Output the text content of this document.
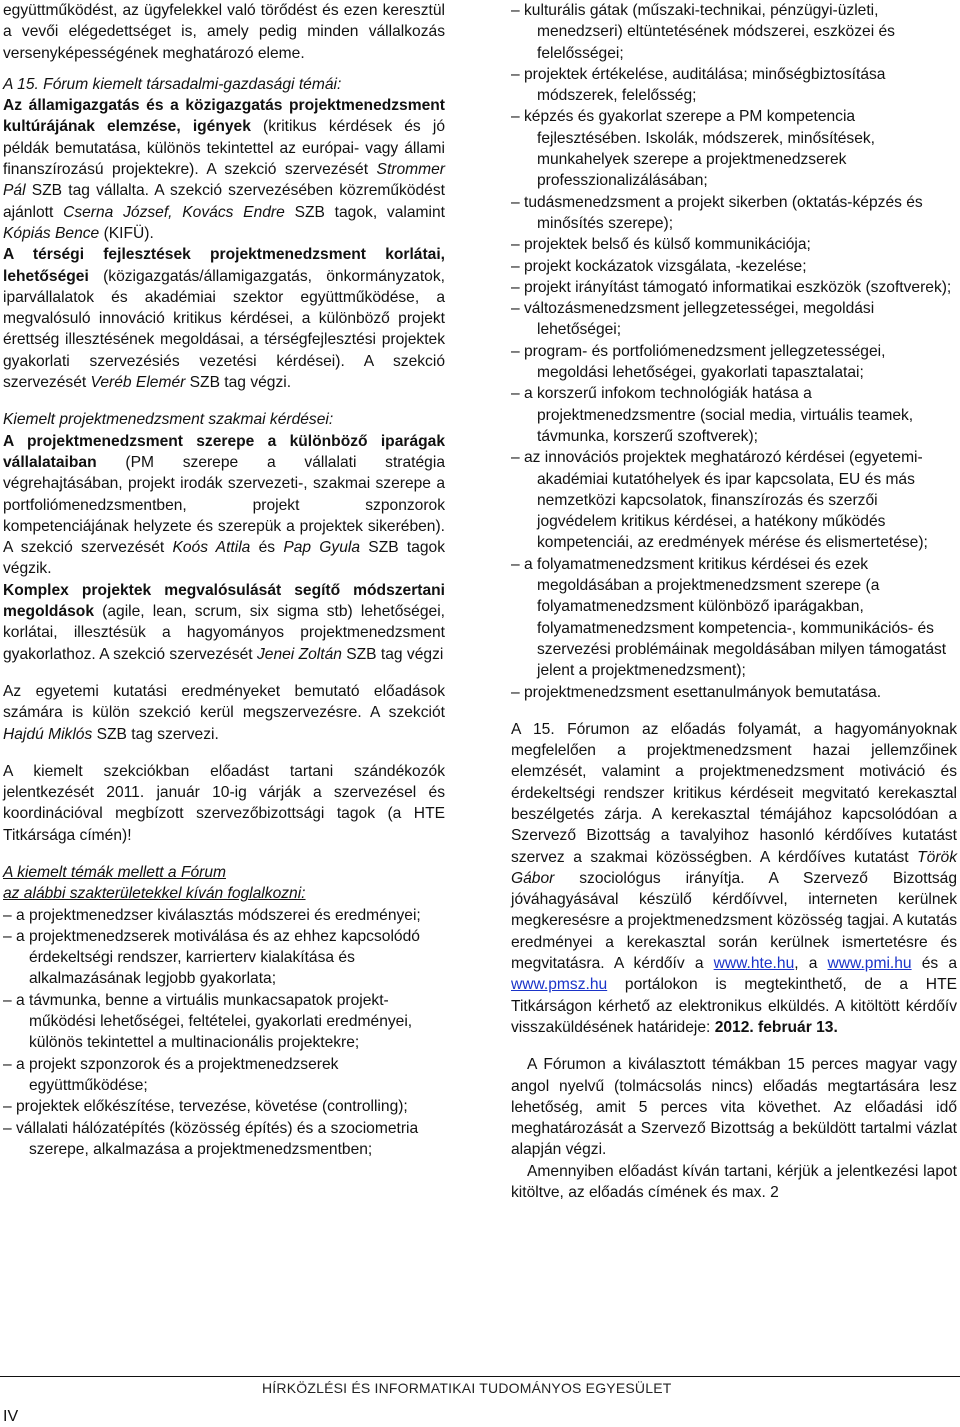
együttműködést, az ügyfelekkel való törődést és ezen keresztül a vevői elégedettséget is, amely pedig minden vállalkozás versenyképességének meghatározó eleme.

A 15. Fórum kiemelt társadalmi-gazdasági témái:
Az államigazgatás és a közigazgatás projektmenedzsment kultúrájának elemzése, igények (kritikus kérdések és jó példák bemutatása, különös tekintettel az európai- vagy állami finanszírozású projektekre). A szekció szervezését Strommer Pál SZB tag vállalta. A szekció szervezésében közreműködést ajánlott Cserna József, Kovács Endre SZB tagok, valamint Kópiás Bence (KIFÜ).

A térségi fejlesztések projektmenedzsment korlátai, lehetőségei (közigazgatás/államigazgatás, önkormányzatok, iparvállalatok és akadémiai szektor együttműködése, a megvalósuló innováció kritikus kérdései, a különböző projekt érettség illesztésének megoldásai, a térségfejlesztési projektek gyakorlati szervezésiés vezetési kérdései). A szekció szervezését Veréb Elemér SZB tag végzi.

Kiemelt projektmenedzsment szakmai kérdései:
A projektmenedzsment szerepe a különböző iparágak vállalataiban (PM szerepe a vállalati stratégia végrehajtásában, projekt irodák szervezeti-, szakmai szerepe a portfoliómenedzsmentben, projekt szponzorok kompetenciájának helyzete és szerepük a projektek sikerében). A szekció szervezését Koós Attila és Pap Gyula SZB tagok végzik.

Komplex projektek megvalósulását segítő módszertani megoldások (agile, lean, scrum, six sigma stb) lehetőségei, korlátai, illesztésük a hagyományos projektmenedzsment gyakorlathoz. A szekció szervezését Jenei Zoltán SZB tag végzi

Az egyetemi kutatási eredményeket bemutató előadások számára is külön szekció kerül megszervezésre. A szekciót Hajdú Miklós SZB tag szervezi.

A kiemelt szekciókban előadást tartani szándékozók jelentkezését 2011. január 10-ig várják a szervezésel és koordinációval megbízott szervezőbizottsági tagok (a HTE Titkársága címén)!

A kiemelt témák mellett a Fórum
az alábbi szakterületekkel kíván foglalkozni:

– a projektmenedzser kiválasztás módszerei és eredményei;

– a projektmenedzserek motiválása és az ehhez kapcsolódó érdekeltségi rendszer, karrierterv kialakítása és alkalmazásának legjobb gyakorlata;

– a távmunka, benne a virtuális munkacsapatok projekt-működési lehetőségei, feltételei, gyakorlati eredményei, különös tekintettel a multinacionális projektekre;

– a projekt szponzorok és a projektmenedzserek együttműködése;

– projektek előkészítése, tervezése, követése (controlling);

– vállalati hálózatépítés (közösség építés) és a szociometria szerepe, alkalmazása a projektmenedzsmentben;

– kulturális gátak (műszaki-technikai, pénzügyi-üzleti, menedzseri) eltüntetésének módszerei, eszközei és felelősségei;

– projektek értékelése, auditálása; minőségbiztosítása módszerek, felelősség;

– képzés és gyakorlat szerepe a PM kompetencia fejlesztésében. Iskolák, módszerek, minősítések, munkahelyek szerepe a projektmenedzserek professzionalizálásában;

– tudásmenedzsment a projekt sikerben (oktatás-képzés és minősítés szerepe);

– projektek belső és külső kommunikációja;

– projekt kockázatok vizsgálata, -kezelése;

– projekt irányítást támogató informatikai eszközök (szoftverek);

– változásmenedzsment jellegzetességei, megoldási lehetőségei;

– program- és portfoliómenedzsment jellegzetességei, megoldási lehetőségei, gyakorlati tapasztalatai;

– a korszerű infokom technológiák hatása a projektmenedzsmentre (social media, virtuális teamek, távmunka, korszerű szoftverek);

– az innovációs projektek meghatározó kérdései (egyetemi-akadémiai kutatóhelyek és ipar kapcsolata, EU és más nemzetközi kapcsolatok, finanszírozás és szerzői jogvédelem kritikus kérdései, a hatékony működés kompetenciái, az eredmények mérése és elismertetése);

– a folyamatmenedzsment kritikus kérdései és ezek megoldásában a projektmenedzsment szerepe (a folyamatmenedzsment különböző iparágakban, folyamatmenedzsment kompetencia-, kommunikációs- és szervezési problémáinak megoldásában milyen támogatást jelent a projektmenedzsment);

– projektmenedzsment esettanulmányok bemutatása.

A 15. Fórumon az előadás folyamát, a hagyományoknak megfelelően a projektmenedzsment hazai jellemzőinek elemzését, valamint a projektmenedzsment motiváció és érdekeltségi rendszer kritikus kérdéseit megvitató kerekasztal beszélgetés zárja. A kerekasztal témájához kapcsolódóan a Szervező Bizottság a tavalyihoz hasonló kérdőíves kutatást szervez a szakmai közösségben. A kérdőíves kutatást Török Gábor szociológus irányítja. A Szervező Bizottság jóváhagyásával készülő kérdőívvel, interneten kerülnek megkeresésre a projektmenedzsment közösség tagjai. A kutatás eredményei a kerekasztal során kerülnek ismertetésre és megvitatásra. A kérdőív a www.hte.hu, a www.pmi.hu és a www.pmsz.hu portálokon is megtekinthető, de a HTE Titkárságon kérhető az elektronikus elküldés. A kitöltött kérdőív visszaküldésének határideje: 2012. február 13.

A Fórumon a kiválasztott témákban 15 perces magyar vagy angol nyelvű (tolmácsolás nincs) előadás megtartására lesz lehetőség, amit 5 perces vita követhet. Az előadási idő meghatározását a Szervező Bizottság a beküldött tartalmi vázlat alapján végzi.

Amennyiben előadást kíván tartani, kérjük a jelentkezési lapot kitöltve, az előadás címének és max. 2

HÍRKÖZLÉSI ÉS INFORMATIKAI TUDOMÁNYOS EGYESÜLET
IV
